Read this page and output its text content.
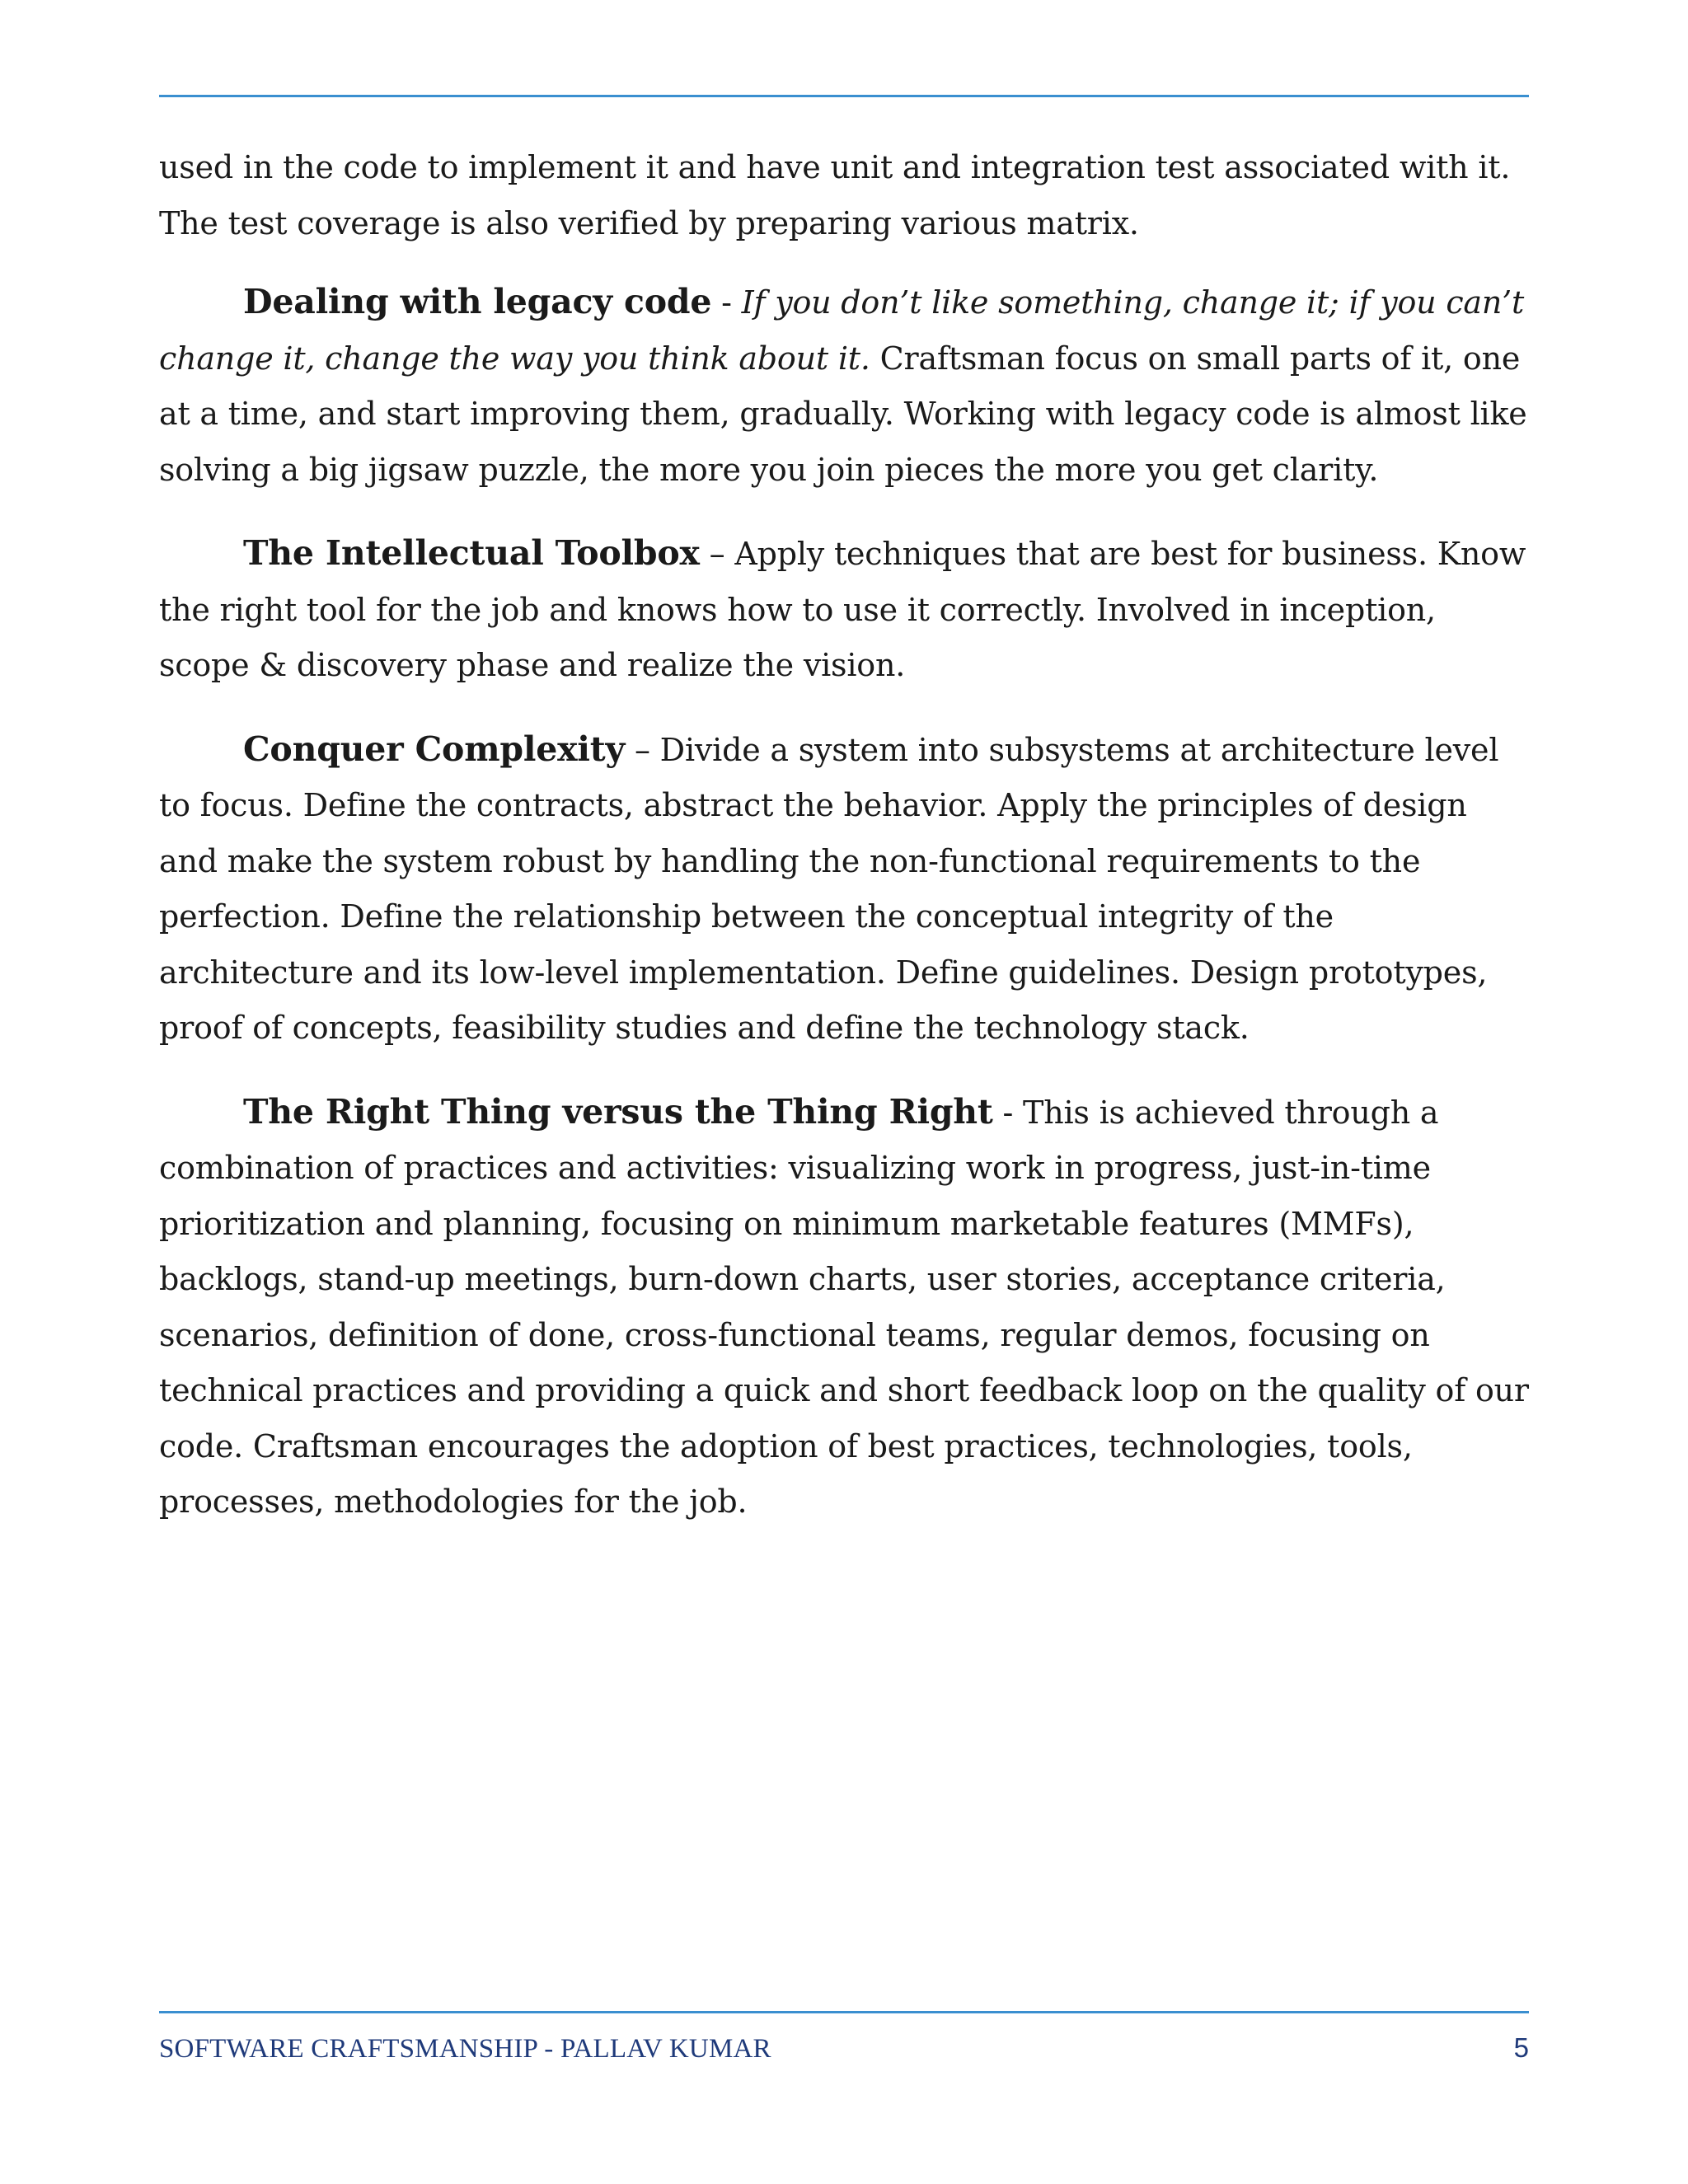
used in the code to implement it and have unit and integration test associated with it. The test coverage is also verified by preparing various matrix.

Dealing with legacy code - If you don’t like something, change it; if you can’t change it, change the way you think about it. Craftsman focus on small parts of it, one at a time, and start improving them, gradually. Working with legacy code is almost like solving a big jigsaw puzzle, the more you join pieces the more you get clarity.

The Intellectual Toolbox – Apply techniques that are best for business. Know the right tool for the job and knows how to use it correctly. Involved in inception, scope & discovery phase and realize the vision.

Conquer Complexity – Divide a system into subsystems at architecture level to focus. Define the contracts, abstract the behavior. Apply the principles of design and make the system robust by handling the non-functional requirements to the perfection. Define the relationship between the conceptual integrity of the architecture and its low-level implementation. Define guidelines. Design prototypes, proof of concepts, feasibility studies and define the technology stack.

The Right Thing versus the Thing Right - This is achieved through a combination of practices and activities: visualizing work in progress, just-in-time prioritization and planning, focusing on minimum marketable features (MMFs), backlogs, stand-up meetings, burn-down charts, user stories, acceptance criteria, scenarios, definition of done, cross-functional teams, regular demos, focusing on technical practices and providing a quick and short feedback loop on the quality of our code. Craftsman encourages the adoption of best practices, technologies, tools, processes, methodologies for the job.

SOFTWARE CRAFTSMANSHIP - PALLAV KUMAR	5
